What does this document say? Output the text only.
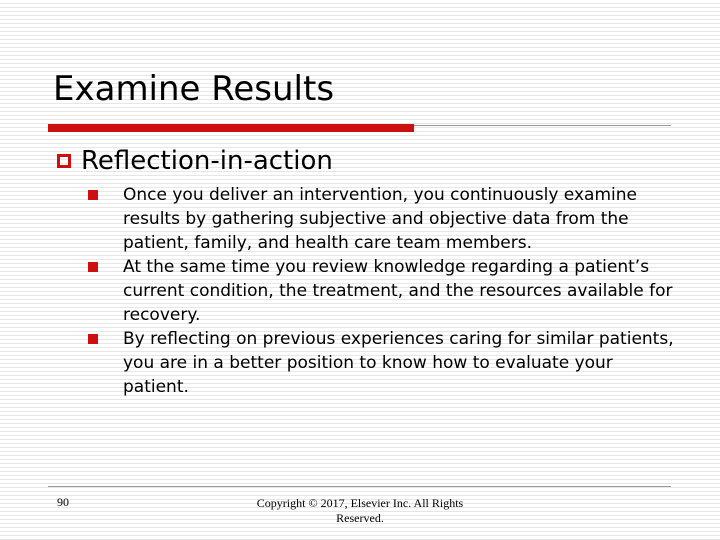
Examine Results
Reflection-in-action
Once you deliver an intervention, you continuously examine results by gathering subjective and objective data from the patient, family, and health care team members.
At the same time you review knowledge regarding a patient’s current condition, the treatment, and the resources available for recovery.
By reflecting on previous experiences caring for similar patients, you are in a better position to know how to evaluate your patient.
90	Copyright © 2017, Elsevier Inc. All Rights
Reserved.
